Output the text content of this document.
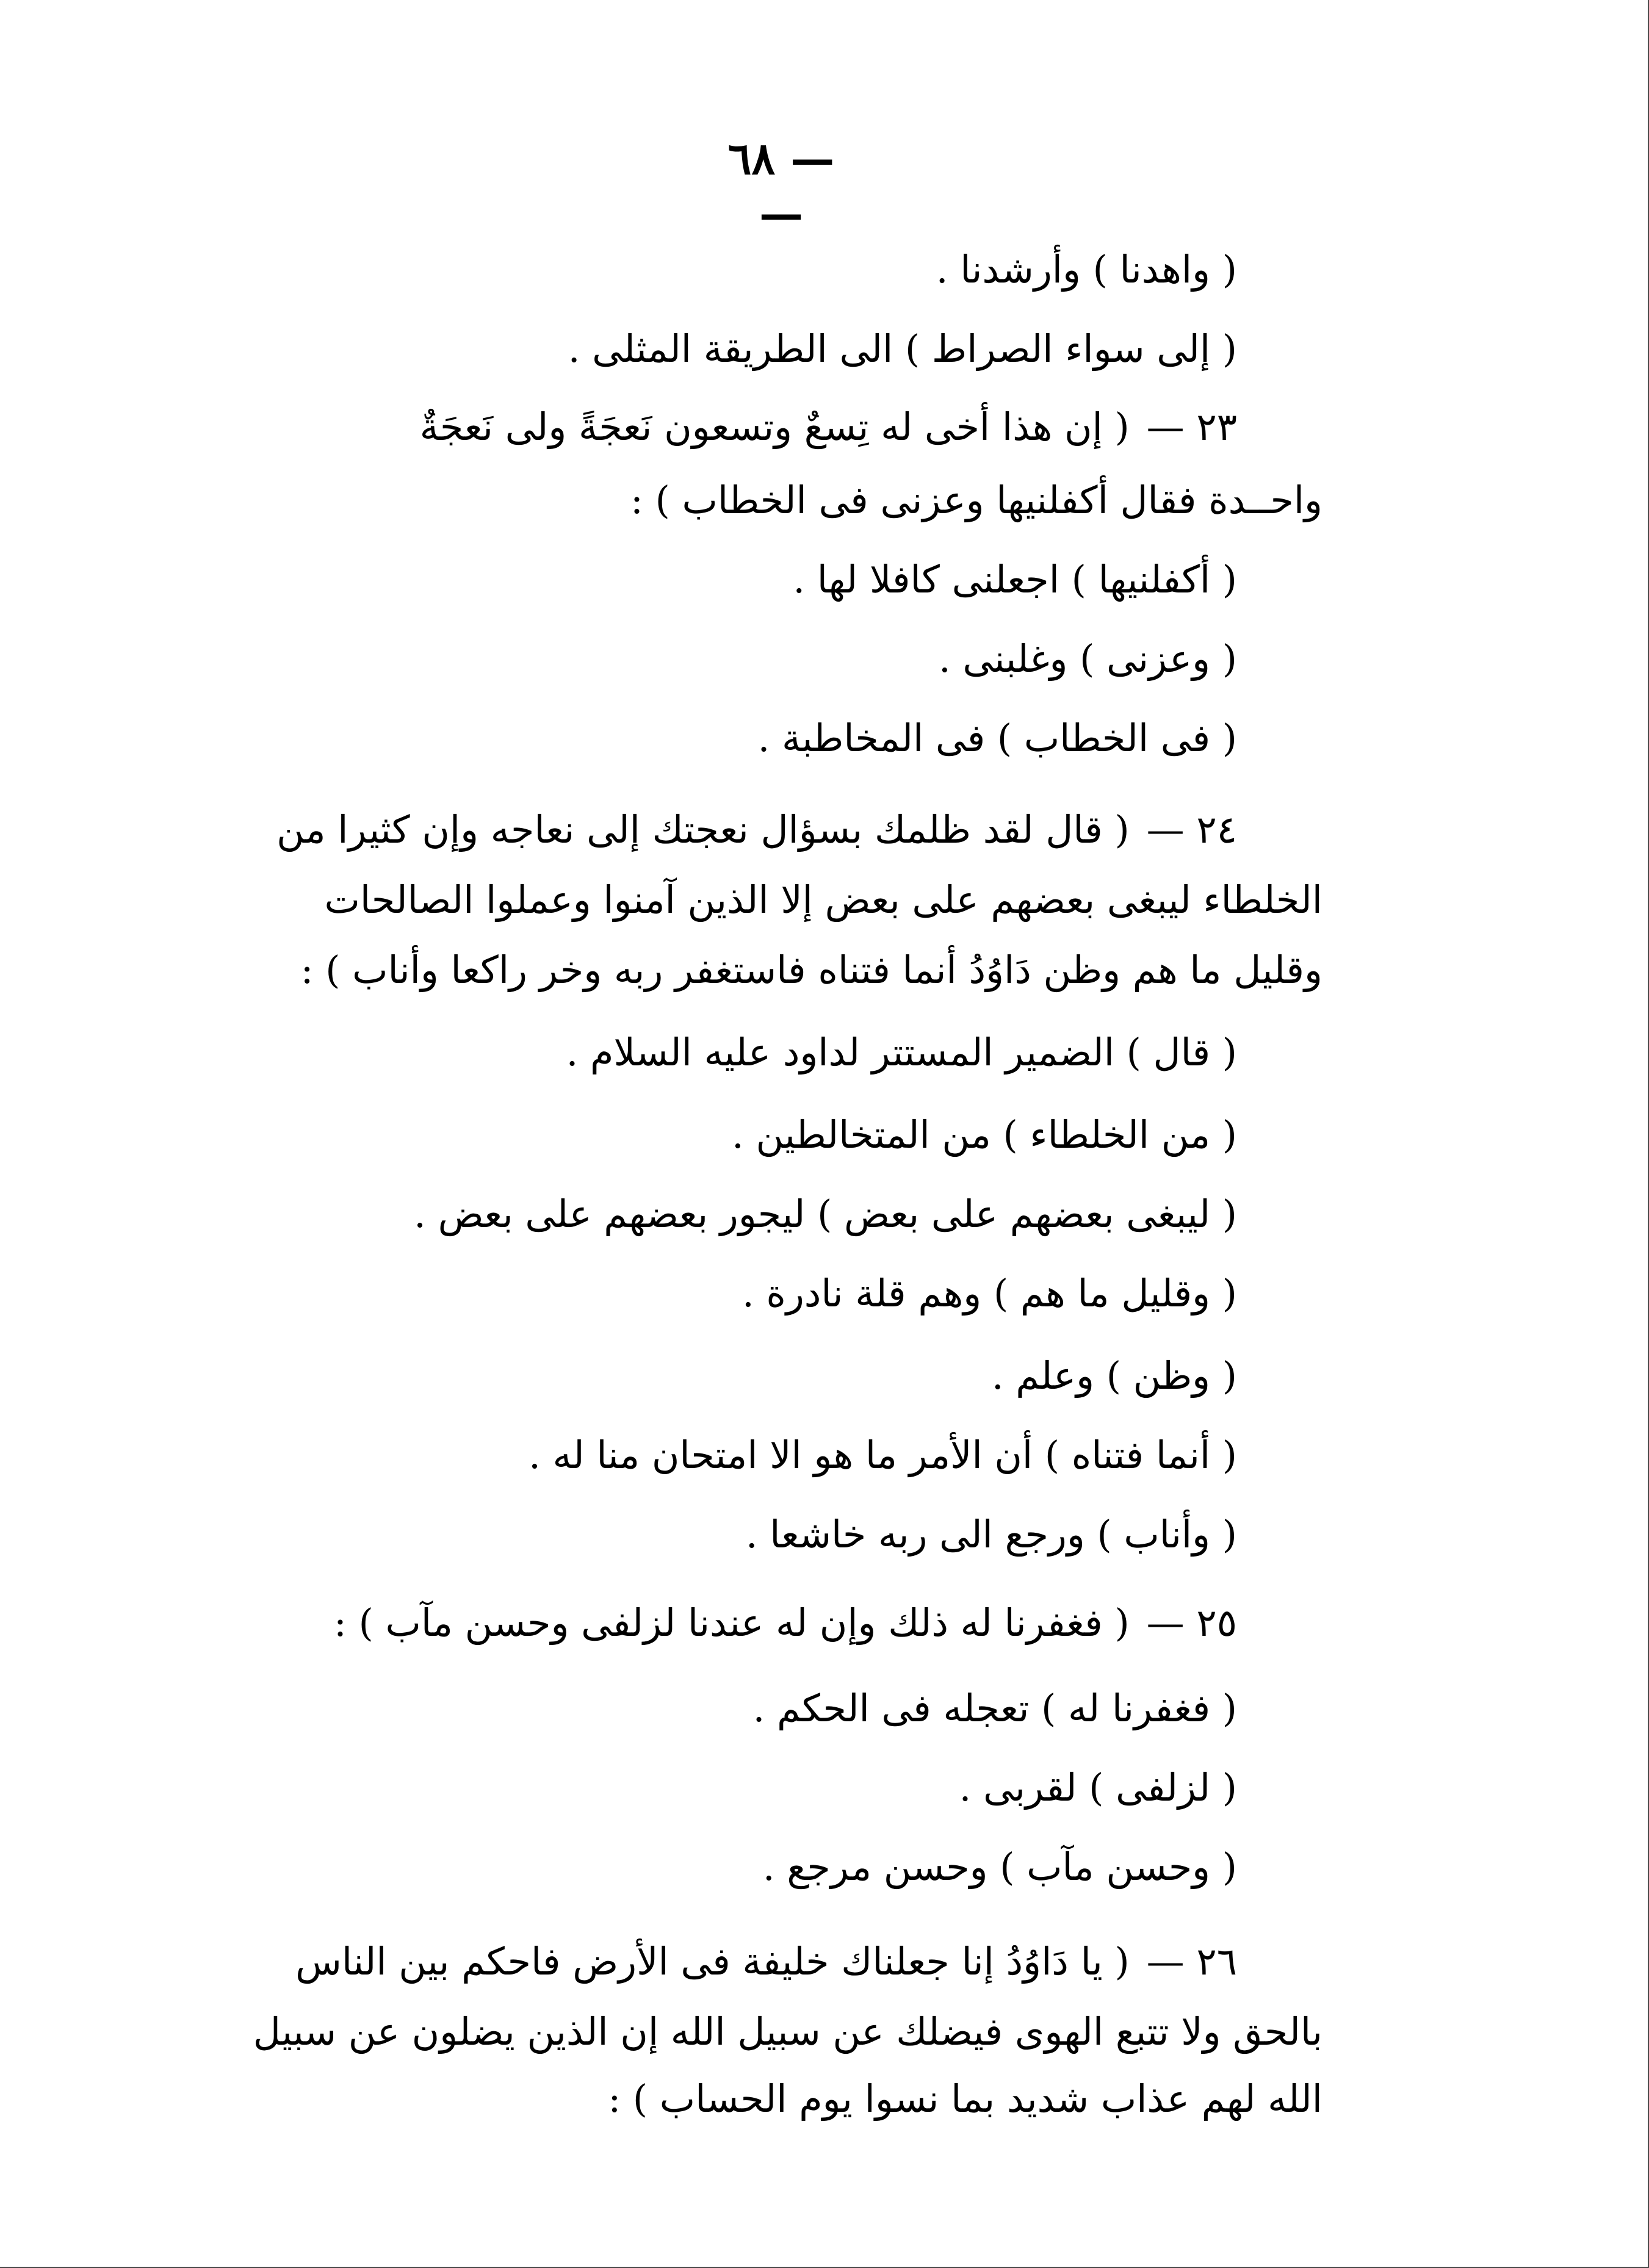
— ٦٨ —
( واهدنا ) وأرشدنا .
( إلى سواء الصراط ) الى الطريقة المثلى .
٢٣ —( إن هذا أخى له تِسعٌ وتسعون نَعجَةً ولى نَعجَةٌ
واحــدة فقال أكفلنيها وعزنى فى الخطاب ) :
( أكفلنيها ) اجعلنى كافلا لها .
( وعزنى ) وغلبنى .
( فى الخطاب ) فى المخاطبة .
٢٤ —( قال لقد ظلمك بسؤال نعجتك إلى نعاجه وإن كثيرا من
الخلطاء ليبغى بعضهم على بعض إلا الذين آمنوا وعملوا الصالحات
وقليل ما هم وظن دَاوُدُ أنما فتناه فاستغفر ربه وخر راكعا وأناب ) :
( قال ) الضمير المستتر لداود عليه السلام .
( من الخلطاء ) من المتخالطين .
( ليبغى بعضهم على بعض ) ليجور بعضهم على بعض .
( وقليل ما هم ) وهم قلة نادرة .
( وظن ) وعلم .
( أنما فتناه ) أن الأمر ما هو الا امتحان منا له .
( وأناب ) ورجع الى ربه خاشعا .
٢٥ —( فغفرنا له ذلك وإن له عندنا لزلفى وحسن مآب ) :
( فغفرنا له ) تعجله فى الحكم .
( لزلفى ) لقربى .
( وحسن مآب ) وحسن مرجع .
٢٦ —( يا دَاوُدُ إنا جعلناك خليفة فى الأرض فاحكم بين الناس
بالحق ولا تتبع الهوى فيضلك عن سبيل الله إن الذين يضلون عن سبيل
الله لهم عذاب شديد بما نسوا يوم الحساب ) :
